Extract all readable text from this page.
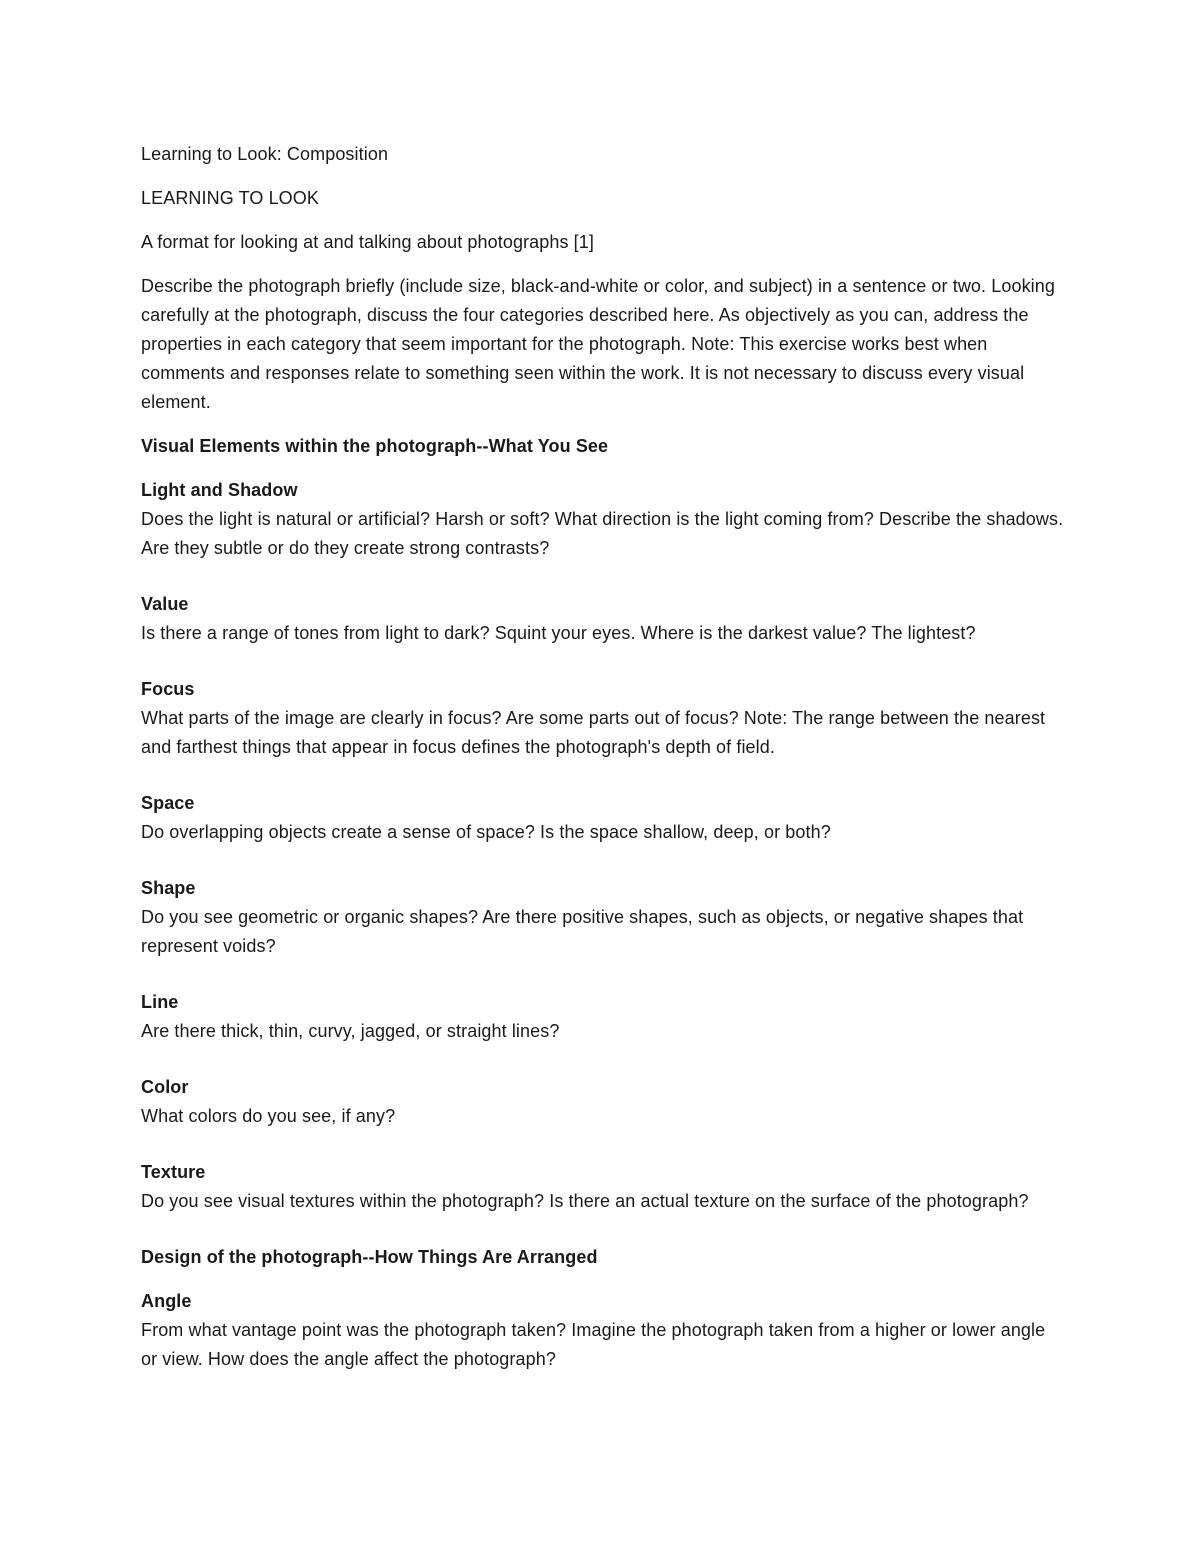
Learning to Look: Composition

LEARNING TO LOOK

A format for looking at and talking about photographs [1]

Describe the photograph briefly (include size, black-and-white or color, and subject) in a sentence or two. Looking carefully at the photograph, discuss the four categories described here. As objectively as you can, address the properties in each category that seem important for the photograph. Note: This exercise works best when comments and responses relate to something seen within the work. It is not necessary to discuss every visual element.

Visual Elements within the photograph--What You See

Light and Shadow
Does the light is natural or artificial? Harsh or soft? What direction is the light coming from? Describe the shadows. Are they subtle or do they create strong contrasts?
Value
Is there a range of tones from light to dark? Squint your eyes. Where is the darkest value? The lightest?
Focus
What parts of the image are clearly in focus? Are some parts out of focus? Note: The range between the nearest and farthest things that appear in focus defines the photograph's depth of field.
Space
Do overlapping objects create a sense of space? Is the space shallow, deep, or both?
Shape
Do you see geometric or organic shapes? Are there positive shapes, such as objects, or negative shapes that represent voids?
Line
Are there thick, thin, curvy, jagged, or straight lines?
Color
What colors do you see, if any?
Texture
Do you see visual textures within the photograph? Is there an actual texture on the surface of the photograph?

Design of the photograph--How Things Are Arranged

Angle
From what vantage point was the photograph taken? Imagine the photograph taken from a higher or lower angle or view. How does the angle affect the photograph?
